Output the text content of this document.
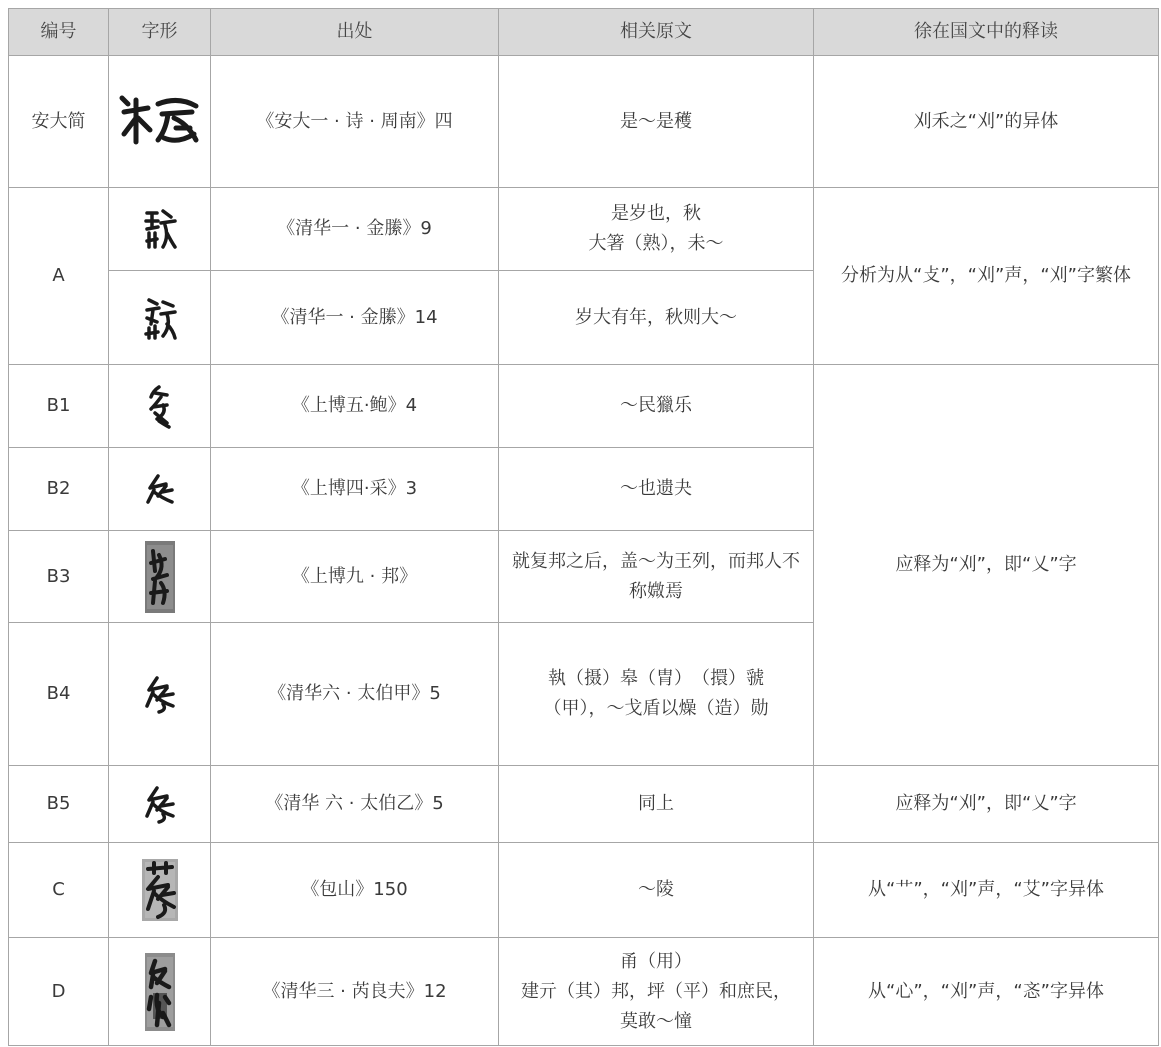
编号	字形	出处	相关原文	徐在国文中的释读
安大简		《安大一 · 诗 · 周南》四	是～是穫	刈禾之“刈”的异体
A		《清华一 · 金縢》9	是岁也，秋
大箸（熟），未～	分析为从“攴”，“刈”声，“刈”字繁体

	《清华一 · 金縢》14	岁大有年，秋则大～	
B1		《上博五·鲍》4	～民獵乐	应释为“刈”，即“乂”字
B2		《上博四·采》3	～也遗夬	
B3		《上博九 · 邦》	就复邦之后，盖～为王列，而邦人不称媺焉	
B4		《清华六 · 太伯甲》5	執（摄）皋（胄）　（擐）虢
（甲），～戈盾以燥（造）勋	

B5		《清华 六 · 太伯乙》5	同上	应释为“刈”，即“乂”字
C		《包山》150	～陵	从“艹”，“刈”声，“艾”字异体
D		《清华三 · 芮良夫》12	甬（用）
建亓（其）邦，坪（平）和庶民，
莫敢～憧	从“心”，“刈”声，“忞”字异体
